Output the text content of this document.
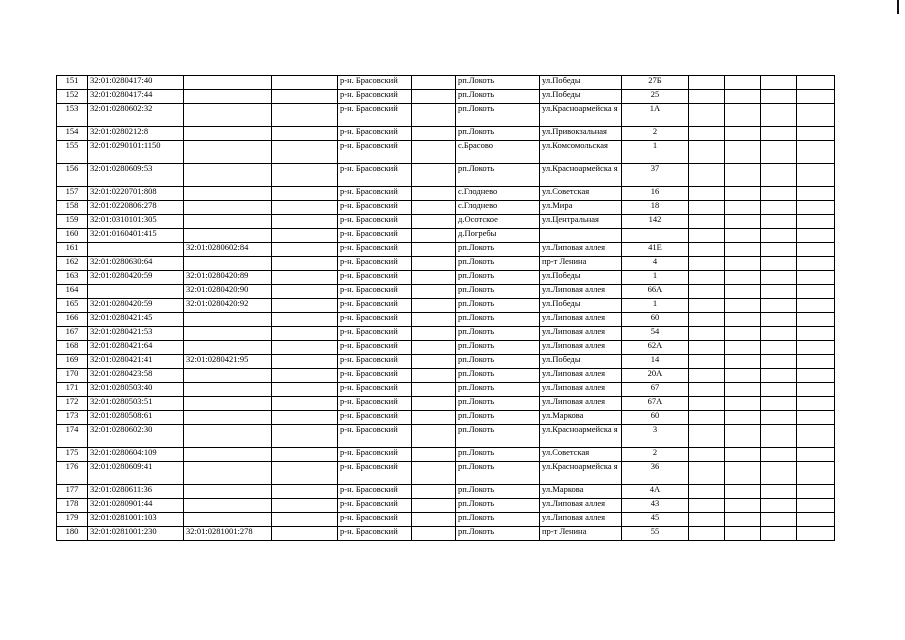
151	32:01:0280417:40			р-н. Брасовский		рп.Локоть	ул.Победы	27Б				
152	32:01:0280417:44			р-н. Брасовский		рп.Локоть	ул.Победы	25				
153	32:01:0280602:32			р-н. Брасовский		рп.Локоть	ул.Красноармейска я	1А				
154	32:01:0280212:8			р-н. Брасовский		рп.Локоть	ул.Привокзальная	2				
155	32:01:0290101:1150			р-н. Брасовский		с.Брасово	ул.Комсомольская	1				
156	32:01:0280609:53			р-н. Брасовский		рп.Локоть	ул.Красноармейска я	37				
157	32:01:0220701:808			р-н. Брасовский		с.Глоднево	ул.Советская	16				
158	32:01:0220806:278			р-н. Брасовский		с.Глоднево	ул.Мира	18				
159	32:01:0310101:305			р-н. Брасовский		д.Осотское	ул.Центральная	142				
160	32:01:0160401:415			р-н. Брасовский		д.Погребы						
161		32:01:0280602:84		р-н. Брасовский		рп.Локоть	ул.Липовая аллея	41Е				
162	32:01:0280630:64			р-н. Брасовский		рп.Локоть	пр-т Ленина	4				
163	32:01:0280420:59	32:01:0280420:89		р-н. Брасовский		рп.Локоть	ул.Победы	1				
164		32:01:0280420:90		р-н. Брасовский		рп.Локоть	ул.Липовая аллея	66А				
165	32:01:0280420:59	32:01:0280420:92		р-н. Брасовский		рп.Локоть	ул.Победы	1				
166	32:01:0280421:45			р-н. Брасовский		рп.Локоть	ул.Липовая аллея	60				
167	32:01:0280421:53			р-н. Брасовский		рп.Локоть	ул.Липовая аллея	54				
168	32:01:0280421:64			р-н. Брасовский		рп.Локоть	ул.Липовая аллея	62А				
169	32:01:0280421:41	32:01:0280421:95		р-н. Брасовский		рп.Локоть	ул.Победы	14				
170	32:01:0280423:58			р-н. Брасовский		рп.Локоть	ул.Липовая аллея	20А				
171	32:01:0280503:40			р-н. Брасовский		рп.Локоть	ул.Липовая аллея	67				
172	32:01:0280503:51			р-н. Брасовский		рп.Локоть	ул.Липовая аллея	67А				
173	32:01:0280508:61			р-н. Брасовский		рп.Локоть	ул.Маркова	60				
174	32:01:0280602:30			р-н. Брасовский		рп.Локоть	ул.Красноармейска я	3				
175	32:01:0280604:109			р-н. Брасовский		рп.Локоть	ул.Советская	2				
176	32:01:0280609:41			р-н. Брасовский		рп.Локоть	ул.Красноармейска я	36				
177	32:01:0280611:36			р-н. Брасовский		рп.Локоть	ул.Маркова	4А				
178	32:01:0280901:44			р-н. Брасовский		рп.Локоть	ул.Липовая аллея	43				
179	32:01:0281001:103			р-н. Брасовский		рп.Локоть	ул.Липовая аллея	45				
180	32:01:0281001:230	32:01:0281001:278		р-н. Брасовский		рп.Локоть	пр-т Ленина	55				
